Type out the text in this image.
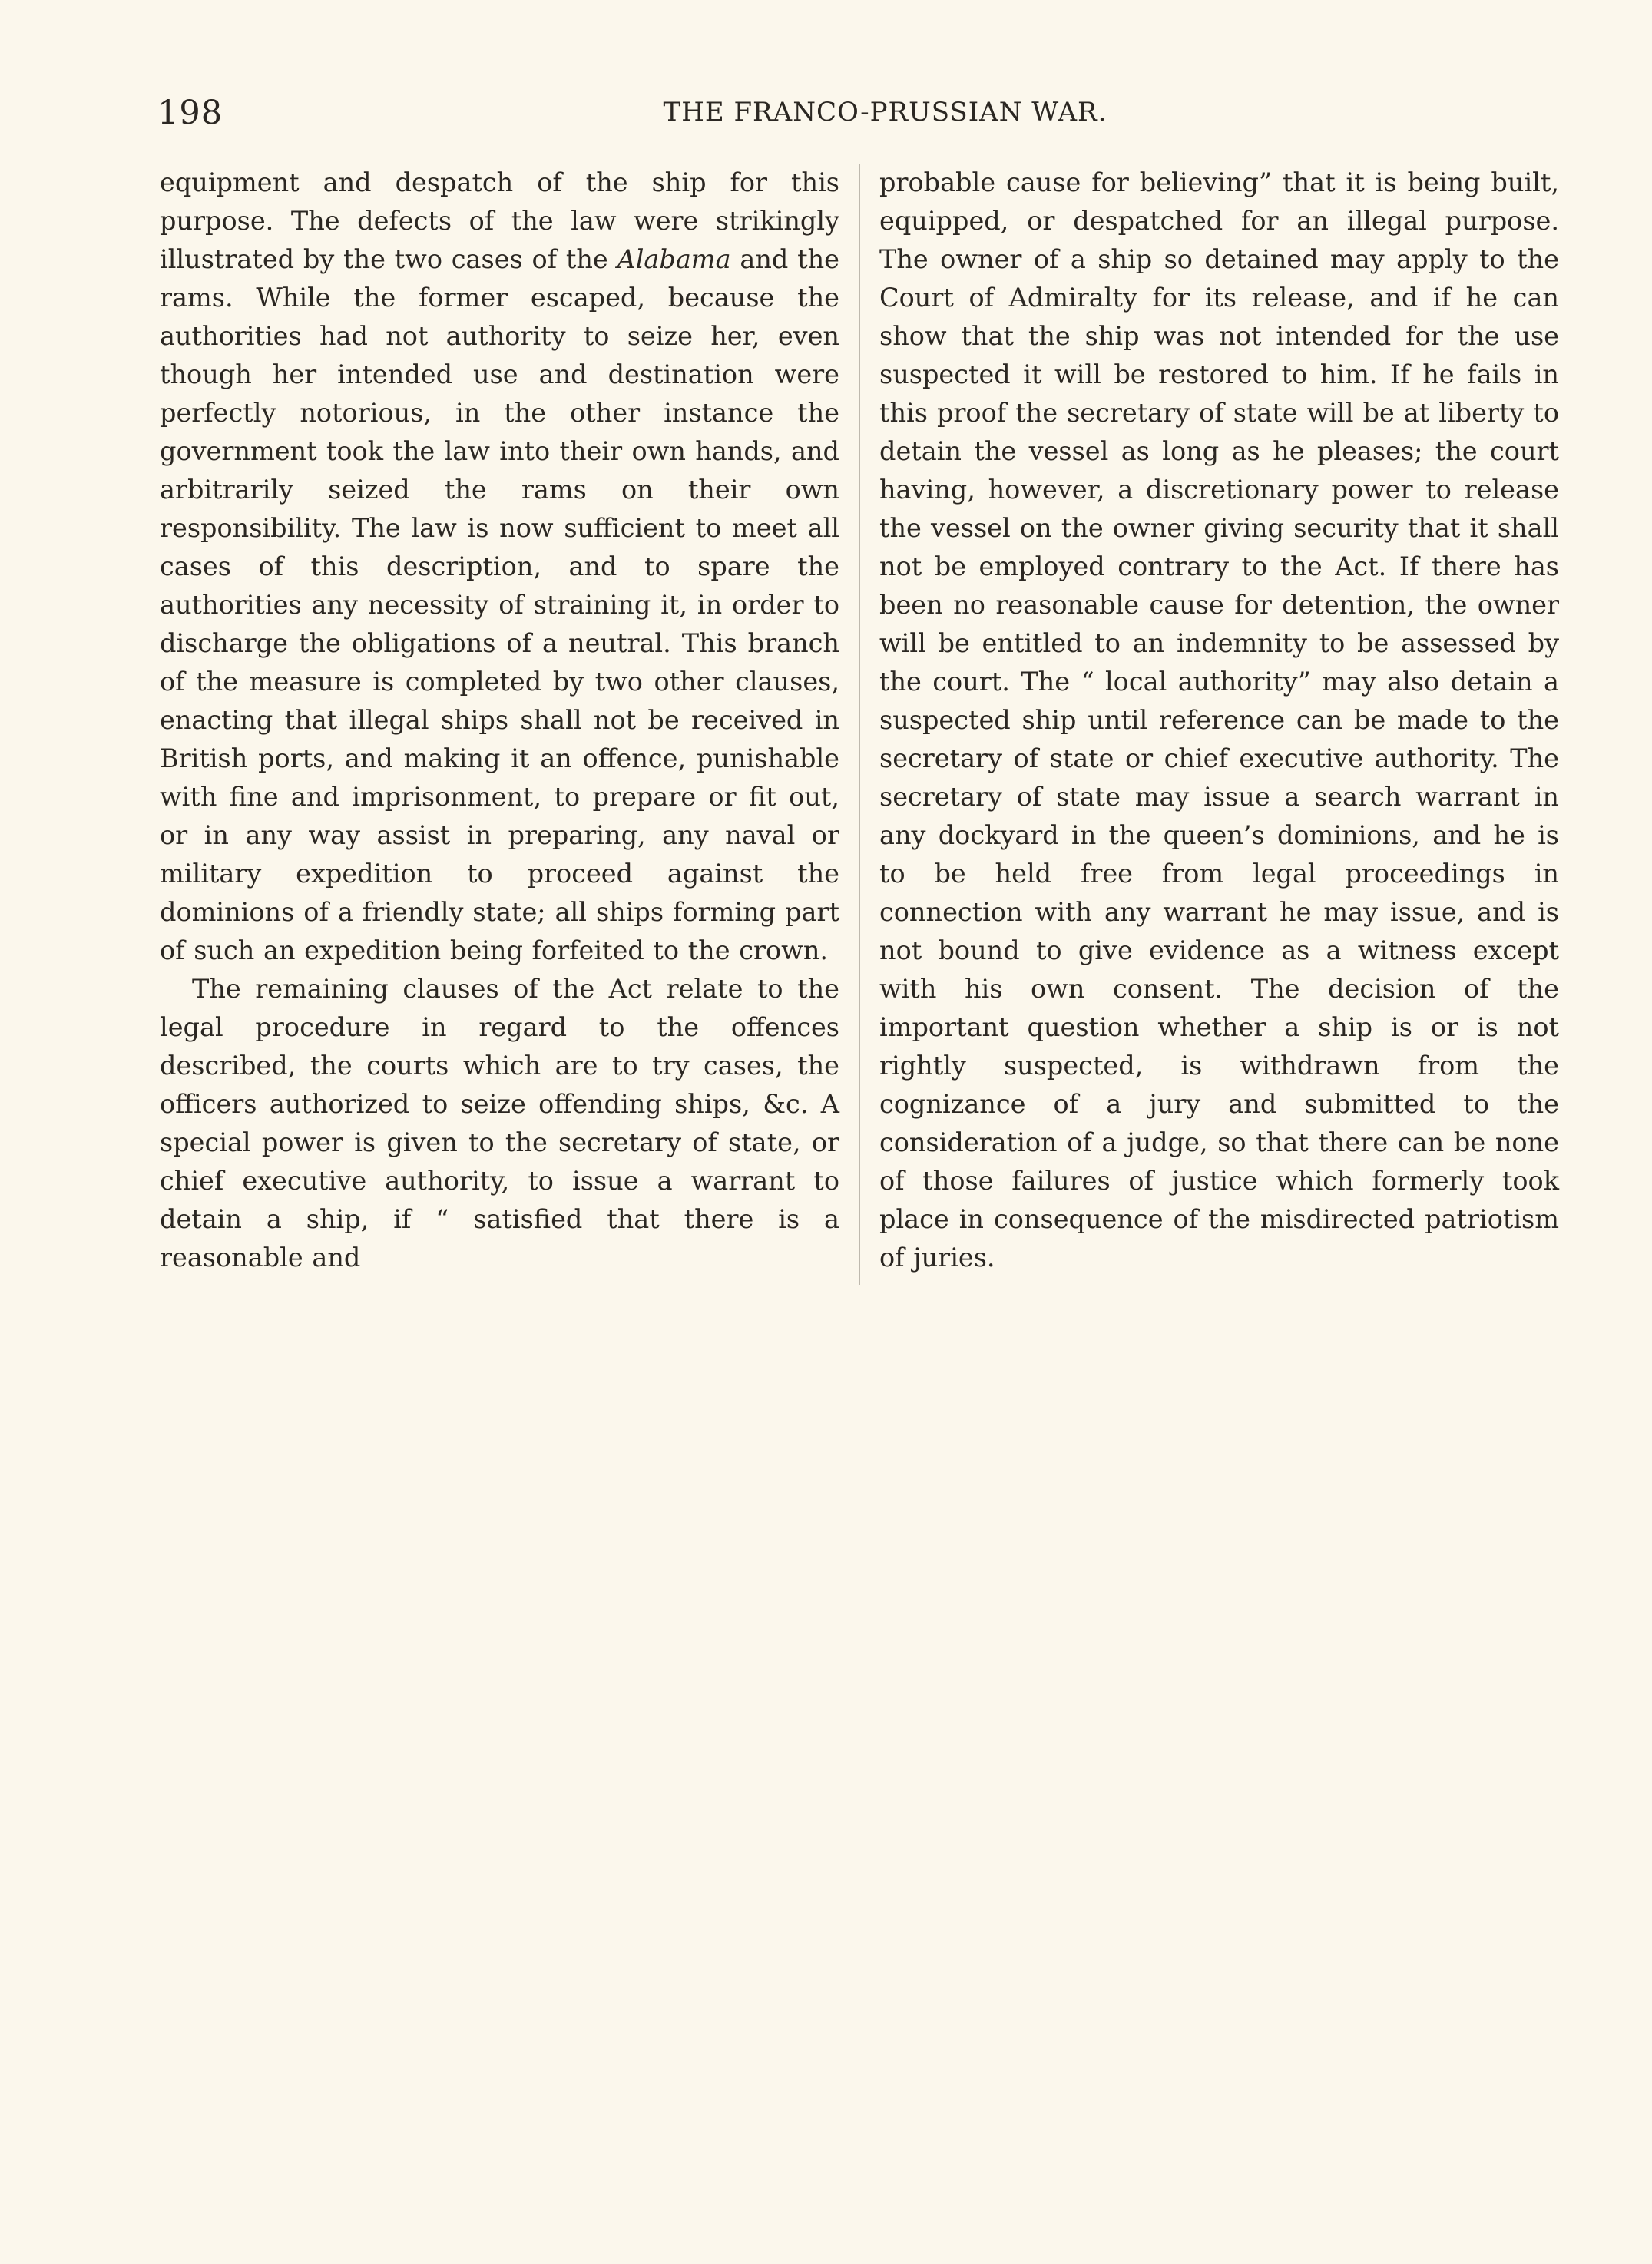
198	THE FRANCO-PRUSSIAN WAR.

equipment and despatch of the ship for this purpose. The defects of the law were strikingly illustrated by the two cases of the Alabama and the rams. While the former escaped, because the authorities had not authority to seize her, even though her intended use and destination were perfectly notorious, in the other instance the government took the law into their own hands, and arbitrarily seized the rams on their own responsibility. The law is now sufficient to meet all cases of this description, and to spare the authorities any necessity of straining it, in order to discharge the obligations of a neutral. This branch of the measure is completed by two other clauses, enacting that illegal ships shall not be received in British ports, and making it an offence, punishable with fine and imprisonment, to prepare or fit out, or in any way assist in preparing, any naval or military expedition to proceed against the dominions of a friendly state; all ships forming part of such an expedition being forfeited to the crown.

The remaining clauses of the Act relate to the legal procedure in regard to the offences described, the courts which are to try cases, the officers authorized to seize offending ships, &c. A special power is given to the secretary of state, or chief executive authority, to issue a warrant to detain a ship, if “ satisfied that there is a reasonable and

probable cause for believing” that it is being built, equipped, or despatched for an illegal purpose. The owner of a ship so detained may apply to the Court of Admiralty for its release, and if he can show that the ship was not intended for the use suspected it will be restored to him. If he fails in this proof the secretary of state will be at liberty to detain the vessel as long as he pleases; the court having, however, a discretionary power to release the vessel on the owner giving security that it shall not be employed contrary to the Act. If there has been no reasonable cause for detention, the owner will be entitled to an indemnity to be assessed by the court. The “ local authority” may also detain a suspected ship until reference can be made to the secretary of state or chief executive authority. The secretary of state may issue a search warrant in any dockyard in the queen’s dominions, and he is to be held free from legal proceedings in connection with any warrant he may issue, and is not bound to give evidence as a witness except with his own consent. The decision of the important question whether a ship is or is not rightly suspected, is withdrawn from the cognizance of a jury and submitted to the consideration of a judge, so that there can be none of those failures of justice which formerly took place in consequence of the misdirected patriotism of juries.
